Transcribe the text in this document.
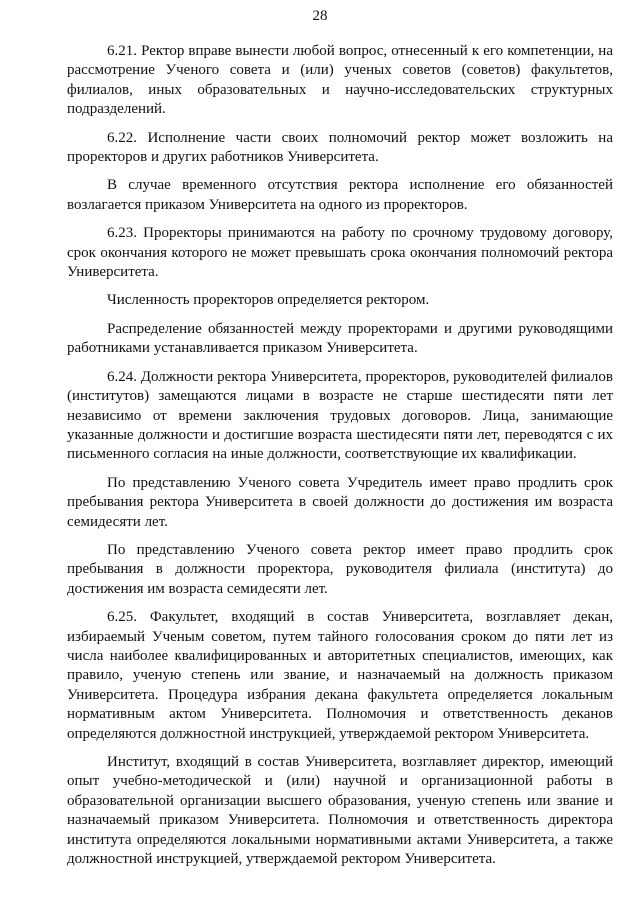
28

6.21. Ректор вправе вынести любой вопрос, отнесенный к его компетенции, на рассмотрение Ученого совета и (или) ученых советов (советов) факультетов, филиалов, иных образовательных и научно-исследовательских структурных подразделений.

6.22. Исполнение части своих полномочий ректор может возложить на проректоров и других работников Университета.

В случае временного отсутствия ректора исполнение его обязанностей возлагается приказом Университета на одного из проректоров.

6.23. Проректоры принимаются на работу по срочному трудовому договору, срок окончания которого не может превышать срока окончания полномочий ректора Университета.

Численность проректоров определяется ректором.

Распределение обязанностей между проректорами и другими руководящими работниками устанавливается приказом Университета.

6.24. Должности ректора Университета, проректоров, руководителей филиалов (институтов) замещаются лицами в возрасте не старше шестидесяти пяти лет независимо от времени заключения трудовых договоров. Лица, занимающие указанные должности и достигшие возраста шестидесяти пяти лет, переводятся с их письменного согласия на иные должности, соответствующие их квалификации.

По представлению Ученого совета Учредитель имеет право продлить срок пребывания ректора Университета в своей должности до достижения им возраста семидесяти лет.

По представлению Ученого совета ректор имеет право продлить срок пребывания в должности проректора, руководителя филиала (института) до достижения им возраста семидесяти лет.

6.25. Факультет, входящий в состав Университета, возглавляет декан, избираемый Ученым советом, путем тайного голосования сроком до пяти лет из числа наиболее квалифицированных и авторитетных специалистов, имеющих, как правило, ученую степень или звание, и назначаемый на должность приказом Университета. Процедура избрания декана факультета определяется локальным нормативным актом Университета. Полномочия и ответственность деканов определяются должностной инструкцией, утверждаемой ректором Университета.

Институт, входящий в состав Университета, возглавляет директор, имеющий опыт учебно-методической и (или) научной и организационной работы в образовательной организации высшего образования, ученую степень или звание и назначаемый приказом Университета. Полномочия и ответственность директора института определяются локальными нормативными актами Университета, а также должностной инструкцией, утверждаемой ректором Университета.
